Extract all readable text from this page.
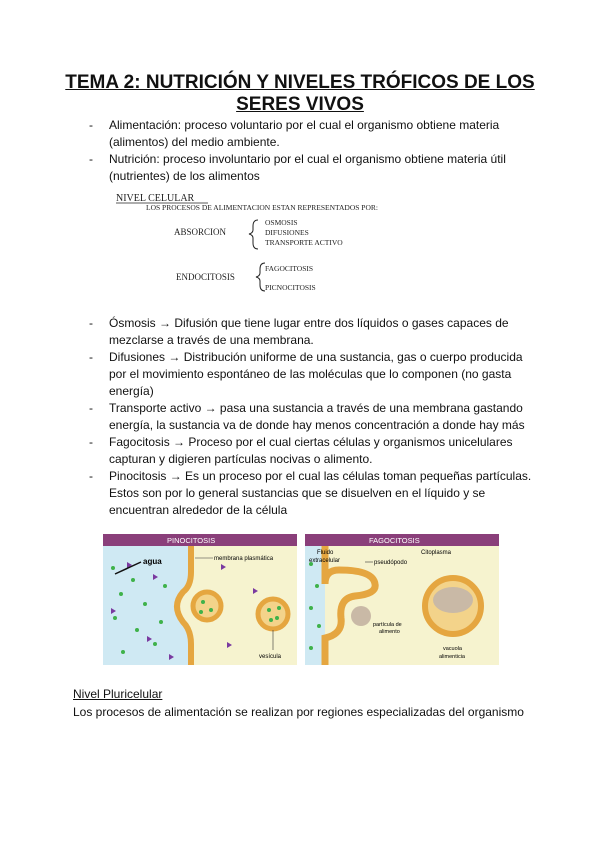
TEMA 2: NUTRICIÓN Y NIVELES TRÓFICOS DE LOS
SERES VIVOS
- Alimentación: proceso voluntario por el cual el organismo obtiene materia (alimentos) del medio ambiente.
- Nutrición: proceso involuntario por el cual el organismo obtiene materia útil (nutrientes) de los alimentos
NIVEL CELULAR
LOS PROCESOS DE ALIMENTACION ESTAN REPRESENTADOS POR:
ABSORCION
OSMOSIS
DIFUSIONES
TRANSPORTE ACTIVO
ENDOCITOSIS
FAGOCITOSIS
PICNOCITOSIS
- Ósmosis → Difusión que tiene lugar entre dos líquidos o gases capaces de mezclarse a través de una membrana.
- Difusiones → Distribución uniforme de una sustancia, gas o cuerpo producida por el movimiento espontáneo de las moléculas que lo componen (no gasta energía)
- Transporte activo → pasa una sustancia a través de una membrana gastando energía, la sustancia va de donde hay menos concentración a donde hay más
- Fagocitosis → Proceso por el cual ciertas células y organismos unicelulares capturan y digieren partículas nocivas o alimento.
- Pinocitosis → Es un proceso por el cual las células toman pequeñas partículas. Estos son por lo general sustancias que se disuelven en el líquido y se encuentran alrededor de la célula
PINOCITOSIS
agua	membrana plasmática
vesícula
FAGOCITOSIS
Fluido
extracelular
Citoplasma
pseudópodo
partícula de
alimento
vacuola
alimenticia
Nivel Pluricelular
Los procesos de alimentación se realizan por regiones especializadas del organismo
